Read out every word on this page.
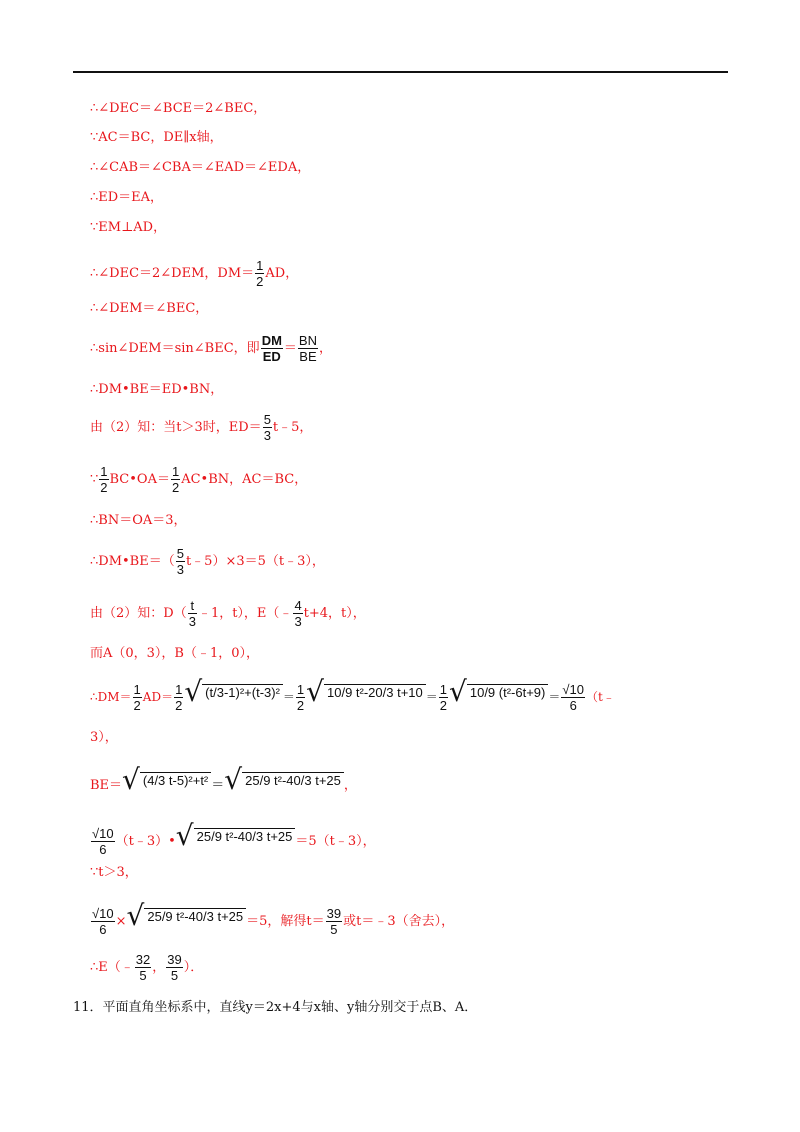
∴∠DEC＝∠BCE＝2∠BEC，
∵AC＝BC，DE∥x轴，
∴∠CAB＝∠CBA＝∠EAD＝∠EDA，
∴ED＝EA，
∵EM⊥AD，
∴∠DEC＝2∠DEM，$DM= \frac{1}{2}$ AD，
∴∠DEM＝∠BEC，
∴sin∠DEM＝sin∠BEC，即 $\frac{DM}{ED} = \frac{BN}{BE}$ ，
∴DM•BE＝ED•BN，
由（2）知：当t＞3时，$ED= \frac{5}{3}$ t﹣5，
∵ $\frac{1}{2}$ BC•OA＝ $\frac{1}{2}$ AC•BN，AC＝BC，
∴BN＝OA＝3，
∴DM•BE＝（ $\frac{5}{3}$ t﹣5）×3＝5（t﹣3），
由（2）知：$D( \frac{t}{3}$ ﹣1，t），E（﹣ $\frac{4}{3} t+4$，t），
而A（0，3），B（﹣1，0），
∴DM＝ $\frac{1}{2} AD= \frac{1}{2}$ √ $(t/3-1)^2+(t-3)^2 = \frac{1}{2}$ √ 10/9 t²-20/3 $t+10 = \frac{1}{2}$ √ 10/9 $(t^2-6t+9) = \frac{√10}{6}$ （t﹣
3），
BE＝ √ (4/3 t-5)²+t² ＝ √ 25/9 t²-40/3 t+25 ，
$\frac{√10}{6}$ （t﹣3）• √ 25/9 t²-40/3 t+25 ＝5（t﹣3），
∵t＞3，
$\frac{√10}{6}$ × √ 25/9 t²-40/3 t+25 ＝5，解得$t= \frac{39}{5}$ 或t＝﹣3（舍去），
∴E（﹣ $\frac{32}{5}$ ， $\frac{39}{5}$ ）．
11．平面直角坐标系中，直线y＝2x+4与x轴、y轴分别交于点B、A．
